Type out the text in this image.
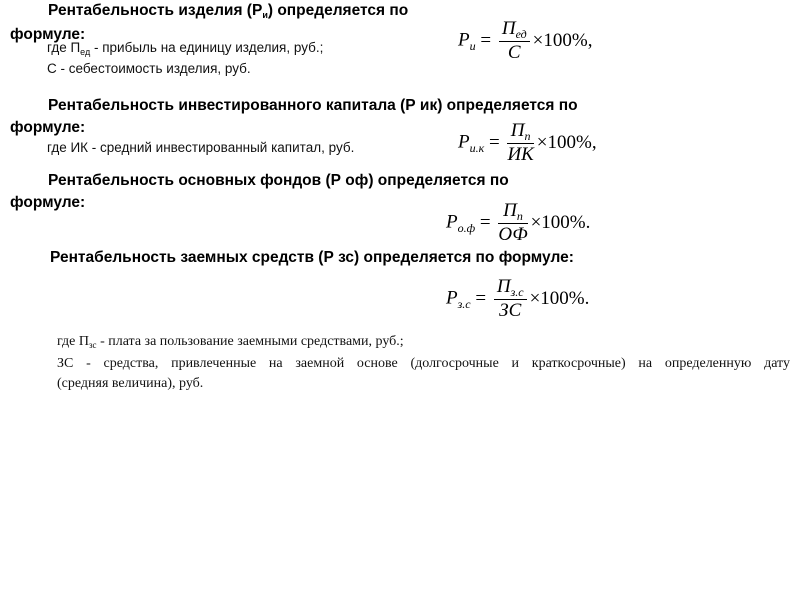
Рентабельность изделия (Ри) определяется по
формуле:
где $П_{ед}$ - прибыль на единицу изделия, руб.;
С - себестоимость изделия, руб.
$Р_и = \frac{П_{ед}}{С} \times 100\%$,
Рентабельность инвестированного капитала (Р ик) определяется по
формуле:
где ИК - средний инвестированный капитал, руб.	$Р_{и.к} = \frac{П_п}{ИК} \times 100\%$,
Рентабельность основных фондов (Р оф) определяется по
формуле:
$Р_{о.ф} = \frac{П_п}{ОФ} \times 100\%$.
Рентабельность заемных средств (Р зс) определяется по формуле:
$Р_{з.с} = \frac{П_{з.с}}{ЗС} \times 100\%$.
где $П_{зс}$ - плата за пользование заемными средствами, руб.;
ЗС - средства, привлеченные на заемной основе (долгосрочные и краткосрочные) на определенную дату
(средняя величина), руб.
